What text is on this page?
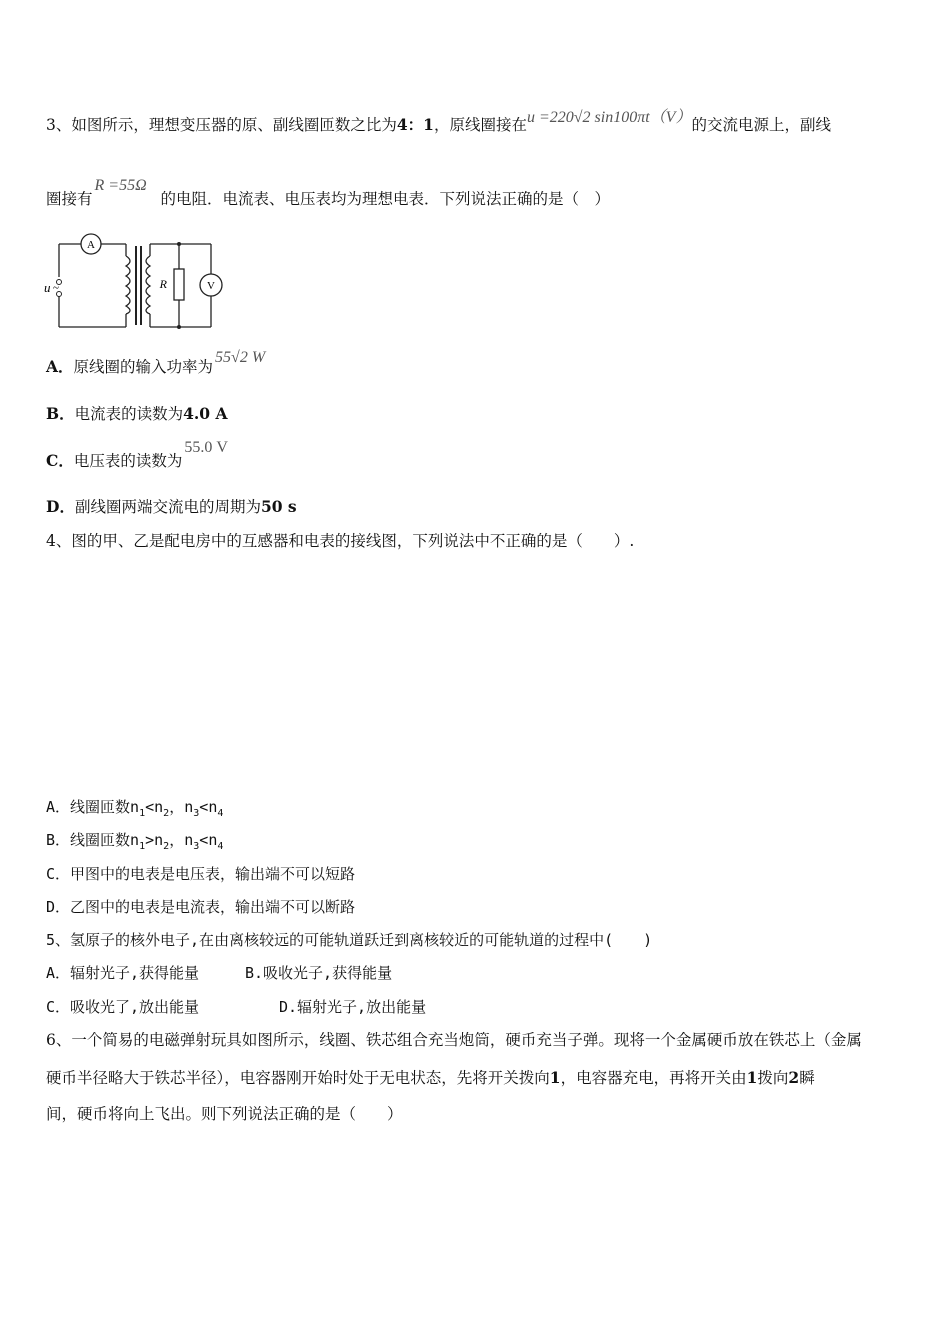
3、如图所示，理想变压器的原、副线圈匝数之比为4：1，原线圈接在u =220√2 sin100πt（V）的交流电源上，副线
圈接有R =55Ω的电阻．电流表、电压表均为理想电表．下列说法正确的是（　）
A
V
R
u ~
A．原线圈的输入功率为55√2 W
B．电流表的读数为4.0 A
C．电压表的读数为55.0 V
D．副线圈两端交流电的周期为50 s
4、图的甲、乙是配电房中的互感器和电表的接线图，下列说法中不正确的是（　　）.
A．线圈匝数$n_1<n_2$，$n_3<n_4$
B．线圈匝数$n_1>n_2$，$n_3<n_4$
C．甲图中的电表是电压表，输出端不可以短路
D．乙图中的电表是电流表，输出端不可以断路
5、氢原子的核外电子,在由离核较远的可能轨道跃迁到离核较近的可能轨道的过程中(　　)
A．辐射光子,获得能量	B.吸收光子,获得能量
C．吸收光了,放出能量	D.辐射光子,放出能量
6、一个简易的电磁弹射玩具如图所示，线圈、铁芯组合充当炮筒，硬币充当子弹。现将一个金属硬币放在铁芯上（金属
硬币半径略大于铁芯半径），电容器刚开始时处于无电状态，先将开关拨向1，电容器充电，再将开关由1拨向2瞬
间，硬币将向上飞出。则下列说法正确的是（　　）
